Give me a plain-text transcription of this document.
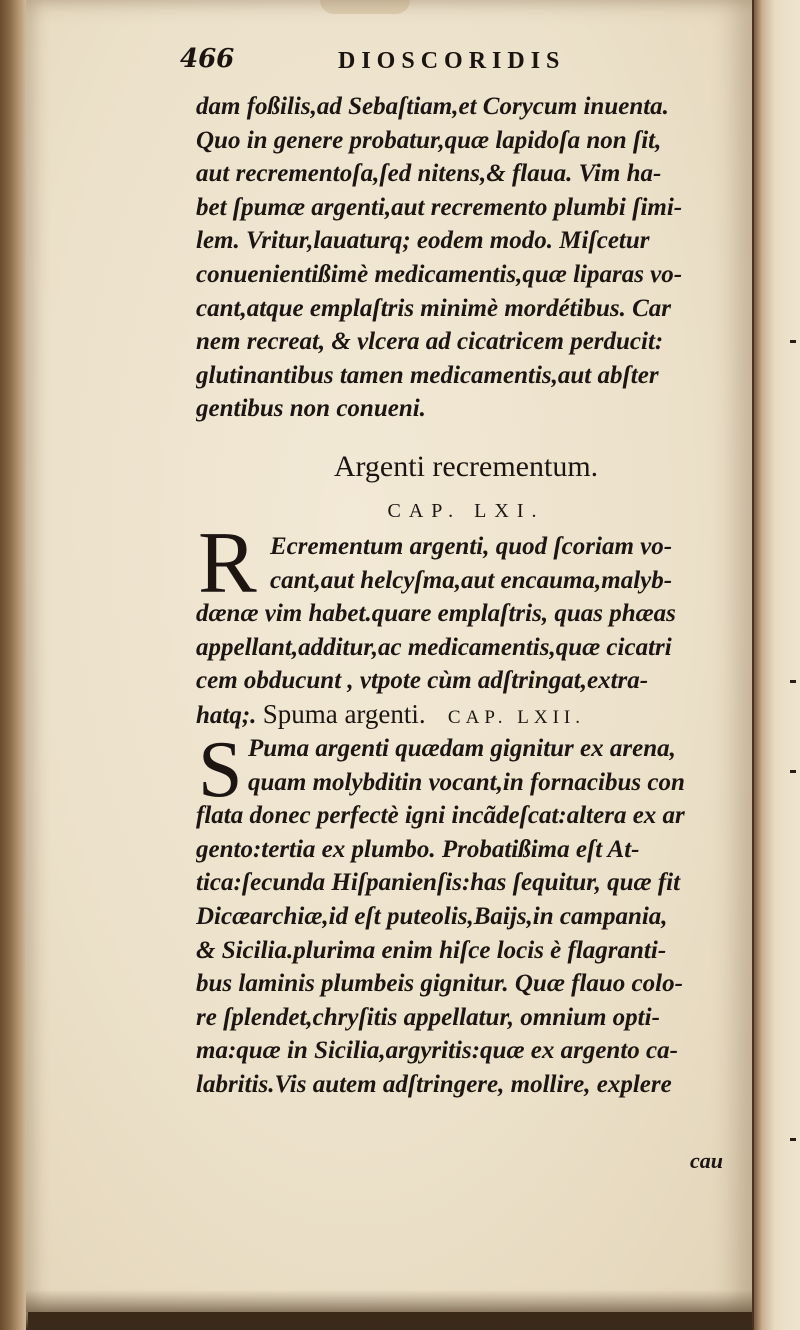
466	DIOSCORIDIS
dam foßilis,ad Sebaſtiam,et Corycum inuenta.
Quo in genere probatur,quæ lapidoſa non ſit,
aut recrementoſa,ſed nitens,& flaua. Vim ha-
bet ſpumæ argenti,aut recremento plumbi ſimi-
lem. Vritur,lauaturq; eodem modo. Miſcetur
conuenientißimè medicamentis,quæ liparas vo-
cant,atque emplaſtris minimè mordétibus. Car
nem recreat, & vlcera ad cicatricem perducit:
glutinantibus tamen medicamentis,aut abſter
gentibus non conueni.
Argenti recrementum.
CAP. LXI.
R Ecrementum argenti, quod ſcoriam vo-
cant,aut helcyſma,aut encauma,malyb-
dænæ vim habet.quare emplaſtris, quas phæas
appellant,additur,ac medicamentis,quæ cicatri
cem obducunt , vtpote cùm adſtringat,extra-
hatq;. Spuma argenti. CAP. LXII.
S Puma argenti quædam gignitur ex arena,
quam molybditin vocant,in fornacibus con
flata donec perfectè igni incãdeſcat:altera ex ar
gento:tertia ex plumbo. Probatißima eſt At-
tica:ſecunda Hiſpanienſis:has ſequitur, quæ fit
Dicæarchiæ,id eſt puteolis,Baijs,in campania,
& Sicilia.plurima enim hiſce locis è flagranti-
bus laminis plumbeis gignitur. Quæ flauo colo-
re ſplendet,chryſitis appellatur, omnium opti-
ma:quæ in Sicilia,argyritis:quæ ex argento ca-
labritis.Vis autem adſtringere, mollire, explere
cau
